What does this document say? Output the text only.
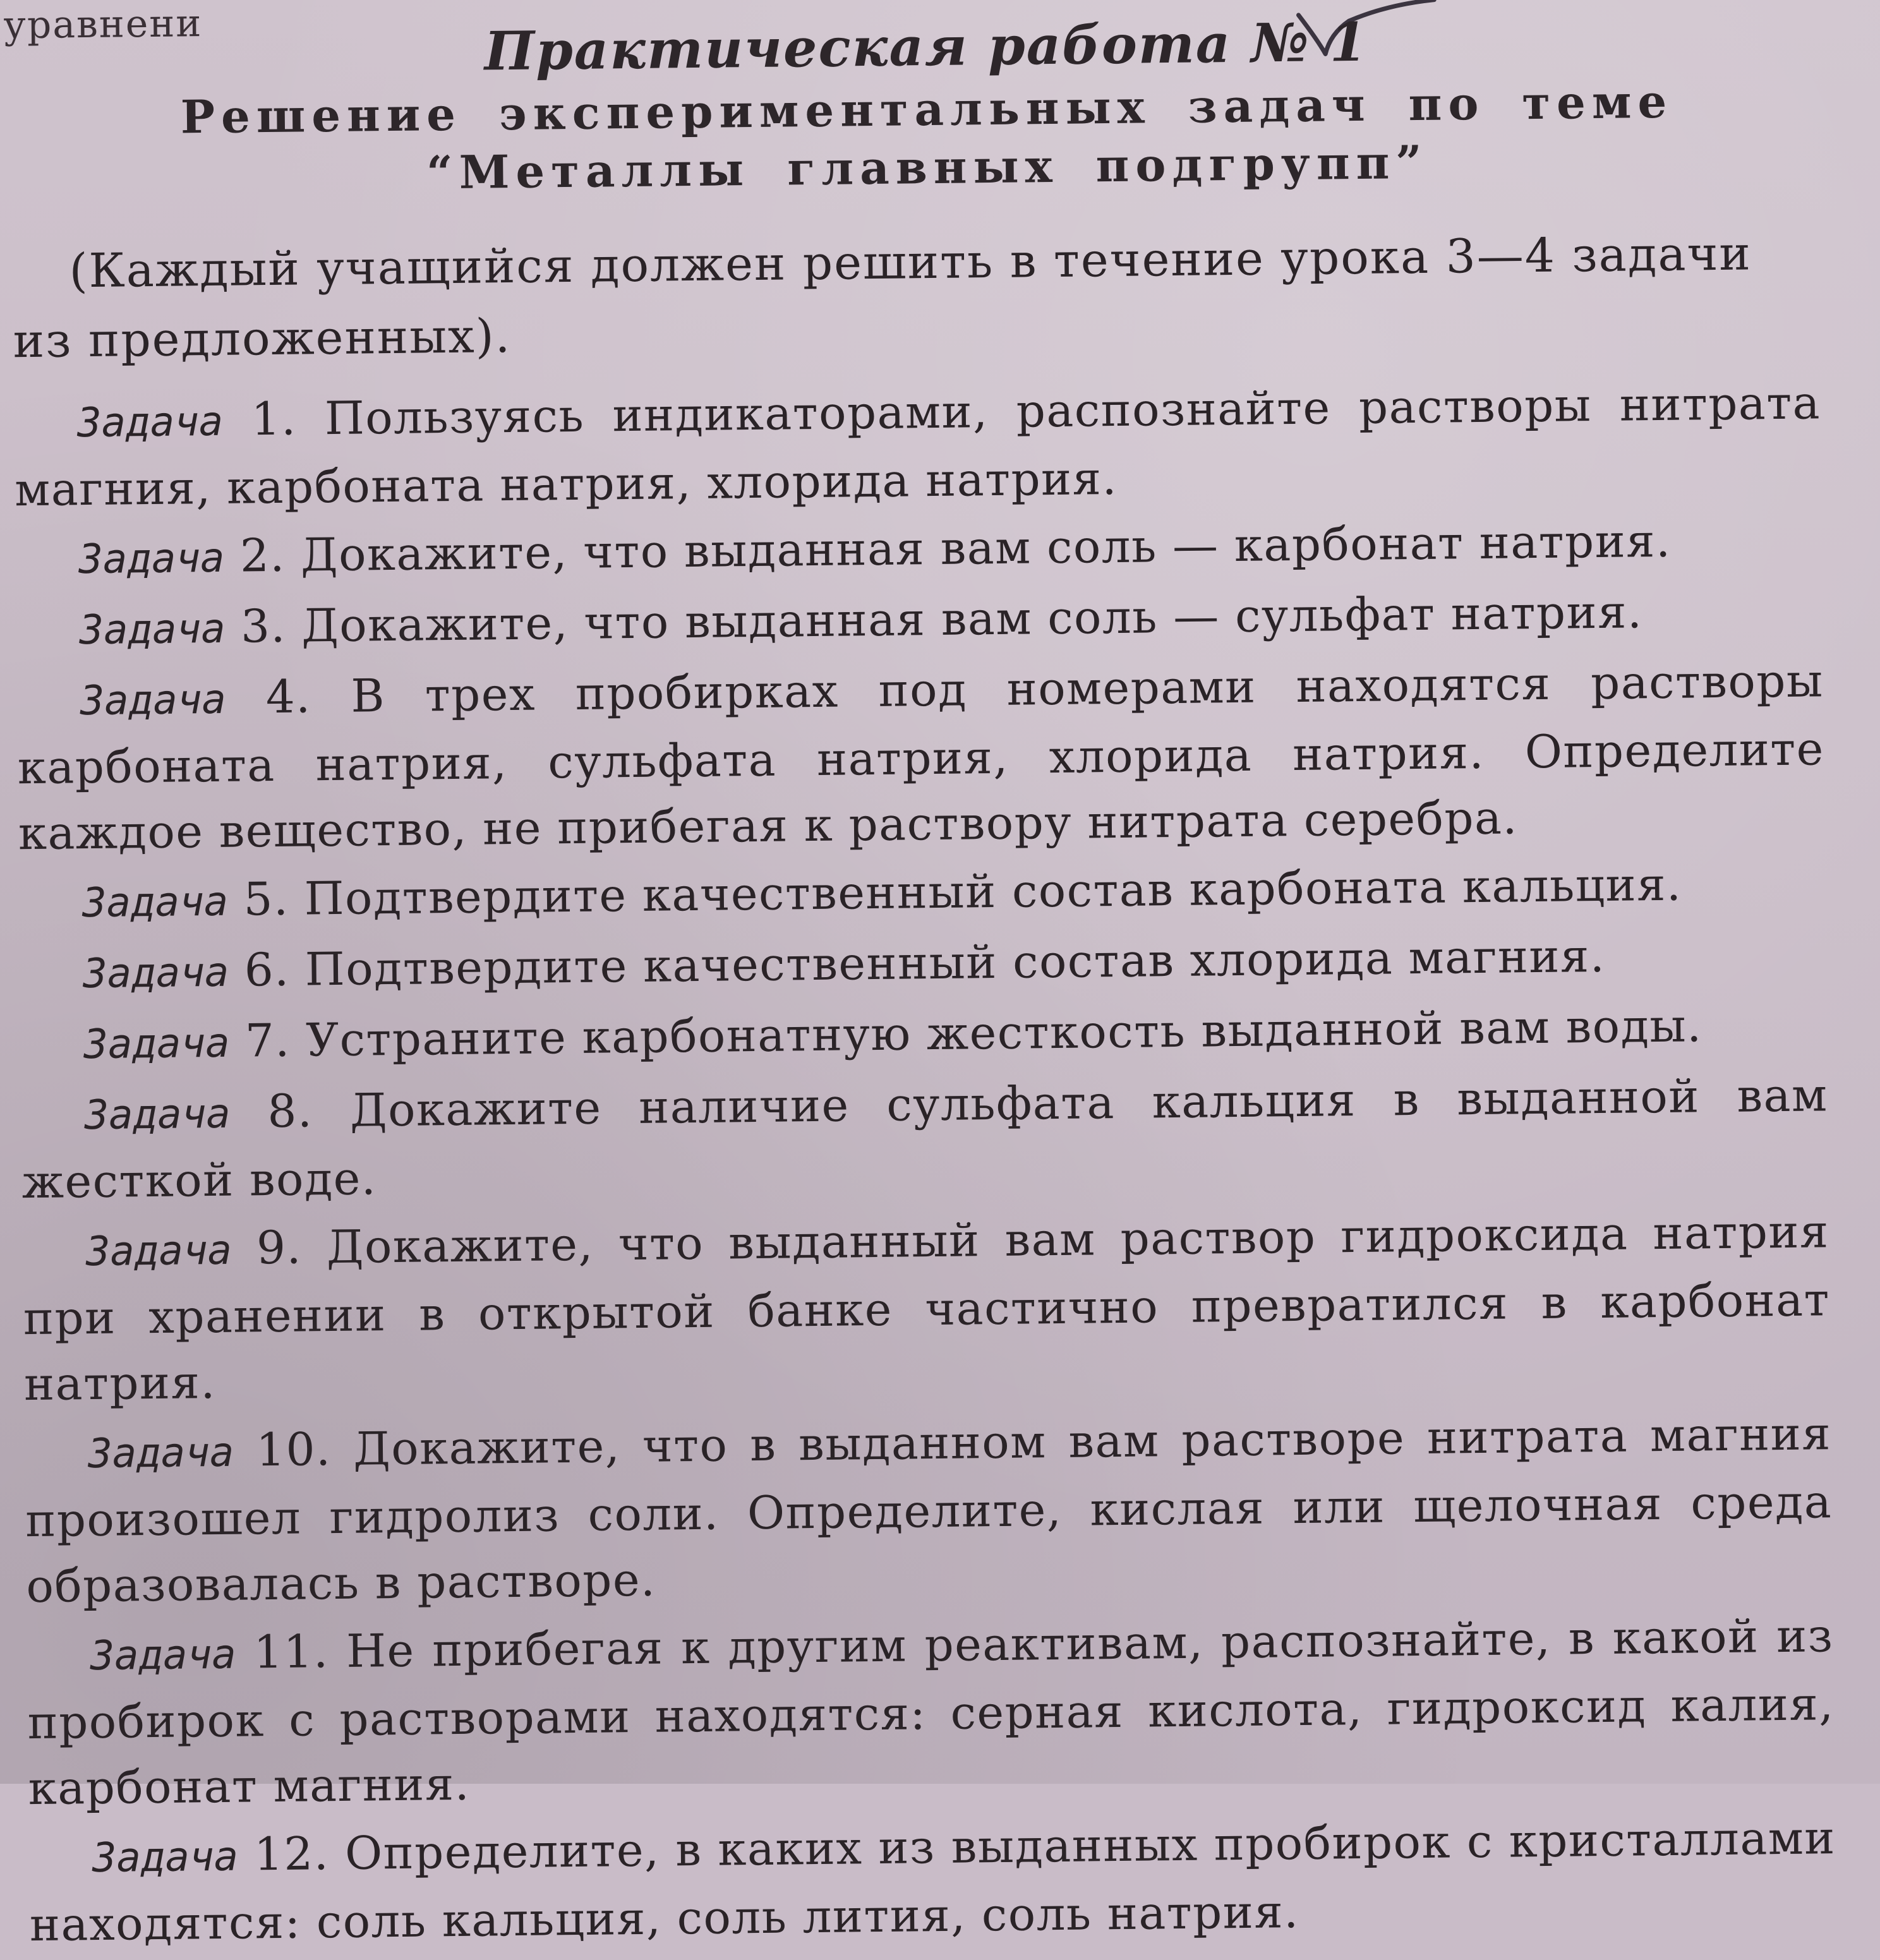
уравнени	Практическая работа № 1
Решение экспериментальных задач по теме
“Металлы главных подгрупп”
(Каждый учащийся должен решить в течение урока 3—4 задачи из предложенных).

Задача 1. Пользуясь индикаторами, распознайте растворы нитрата магния, карбоната натрия, хлорида натрия.

Задача 2. Докажите, что выданная вам соль — карбонат натрия.

Задача 3. Докажите, что выданная вам соль — сульфат натрия.

Задача 4. В трех пробирках под номерами находятся растворы карбоната натрия, сульфата натрия, хлорида натрия. Определите каждое вещество, не прибегая к раствору нитрата серебра.

Задача 5. Подтвердите качественный состав карбоната кальция.

Задача 6. Подтвердите качественный состав хлорида магния.

Задача 7. Устраните карбонатную жесткость выданной вам воды.

Задача 8. Докажите наличие сульфата кальция в выданной вам жесткой воде.

Задача 9. Докажите, что выданный вам раствор гидроксида натрия при хранении в открытой банке частично превратился в карбонат натрия.

Задача 10. Докажите, что в выданном вам растворе нитрата магния произошел гидролиз соли. Определите, кислая или щелочная среда образовалась в растворе.

Задача 11. Не прибегая к другим реактивам, распознайте, в какой из пробирок с растворами находятся: серная кислота, гидроксид калия, карбонат магния.

Задача 12. Определите, в каких из выданных пробирок с кристаллами находятся: соль кальция, соль лития, соль натрия.
